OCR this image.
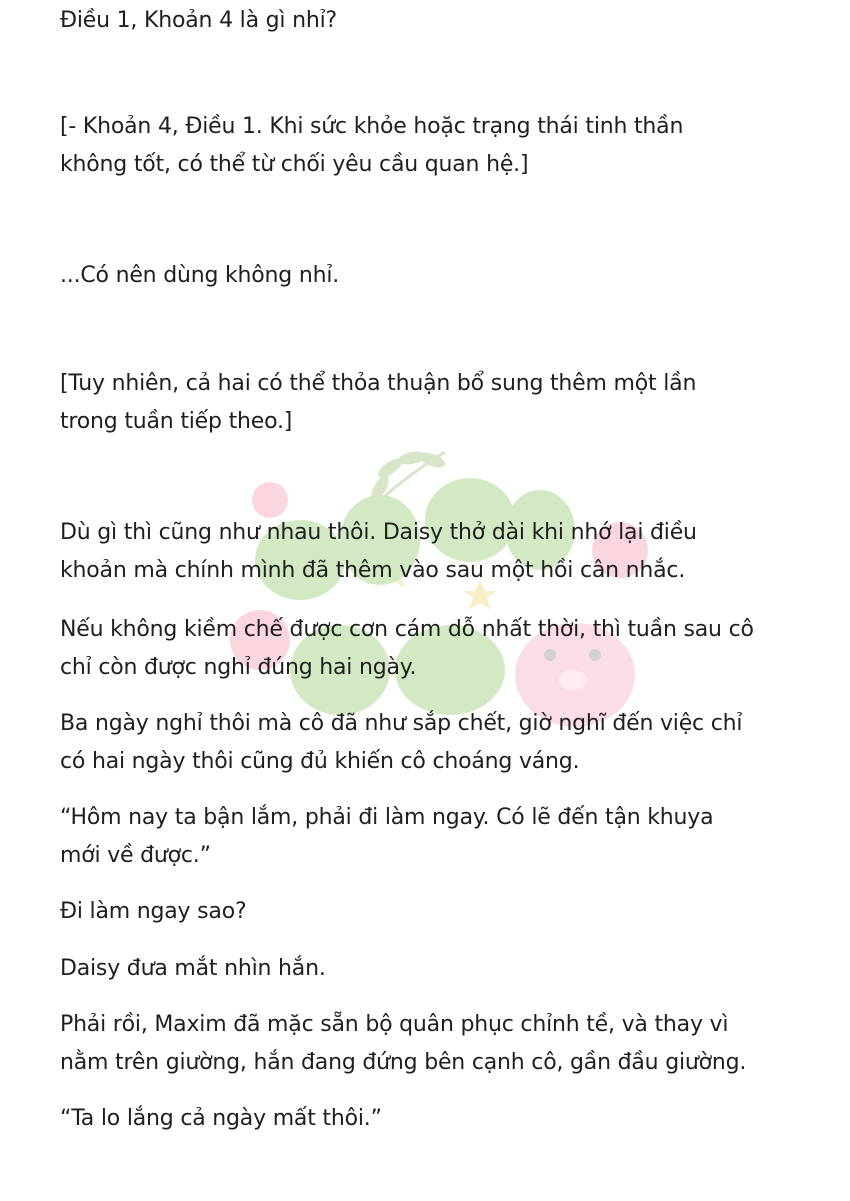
Điều 1, Khoản 4 là gì nhỉ?

[- Khoản 4, Điều 1. Khi sức khỏe hoặc trạng thái tinh thần
không tốt, có thể từ chối yêu cầu quan hệ.]

...Có nên dùng không nhỉ.

[Tuy nhiên, cả hai có thể thỏa thuận bổ sung thêm một lần
trong tuần tiếp theo.]

Dù gì thì cũng như nhau thôi. Daisy thở dài khi nhớ lại điều
khoản mà chính mình đã thêm vào sau một hồi cân nhắc.

Nếu không kiềm chế được cơn cám dỗ nhất thời, thì tuần sau cô
chỉ còn được nghỉ đúng hai ngày.

Ba ngày nghỉ thôi mà cô đã như sắp chết, giờ nghĩ đến việc chỉ
có hai ngày thôi cũng đủ khiến cô choáng váng.

“Hôm nay ta bận lắm, phải đi làm ngay. Có lẽ đến tận khuya
mới về được.”

Đi làm ngay sao?

Daisy đưa mắt nhìn hắn.

Phải rồi, Maxim đã mặc sẵn bộ quân phục chỉnh tề, và thay vì
nằm trên giường, hắn đang đứng bên cạnh cô, gần đầu giường.

“Ta lo lắng cả ngày mất thôi.”
